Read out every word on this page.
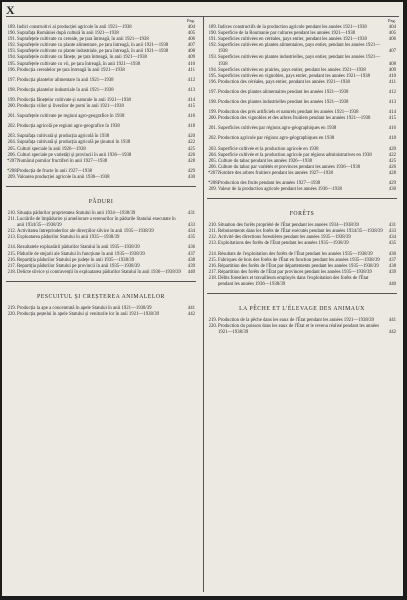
X
Pag.
189. Indici construitivi ai producției agricole în anii 1921—1938	404
190. Suprafața României după cultură în anii 1921—1938	405
191. Suprafețele cultivate cu cereale, pe țara întreagă, în anii 1921—1938	406
192. Suprafețele cultivate cu plante alimentare, pe țara întreagă, în anii 1921—1938	407
193. Suprafețele cultivate cu plante industriale, pe țara întreagă, în anii 1921—1938	408
194. Suprafețele cultivate cu fânețe, pe țara întreagă, în anii 1921—1938	409
195. Suprafețele cultivate cu vii, pe țara întreagă, în anii 1921—1938	410
196. Producția cerealelor pe țara întreagă în anii 1921—1938	411
197. Producția plantelor alimentare în anii 1921—1938	412
198. Producția plantelor industriale în anii 1921—1938	413
199. Producția fânețelor cultivate și naturale în anii 1921—1938	414
200. Producția viilor și livezilor de pomi în anii 1921—1938	415
201. Suprafețele cultivate pe regiuni agro-geografice în 1938	416
202. Producția agricolă pe regiuni agro-geografice în 1938	418
203. Suprafața cultivată și producția agricolă în 1938	420
204. Suprafața cultivată și producția agricolă pe ținuturi în 1938	422
205. Culturi speciale în anii 1926—1938	425
206. Culturi speciale pe varietăți și provincii în anii 1936—1938	426
*207. Numărul pomilor fructiferi în anii 1927—1938	428
*208. Producția de fructe în anii 1927—1938	429
209. Valoarea producției agricole în anii 1936—1938	430
PĂDURI
210. Situația pădurilor proprietatea Statului în anii 1934—1938/39	431
211. Lucrările de împădurire și ameliorare a terenurilor în pădurile Statului executate în anii 1934/35—1938/39	433
212. Activitatea întreprinderilor ale direcțiilor silvice în anii 1935—1938/39	434
213. Exploatarea pădurilor Statului în anii 1935—1938/39	435
214. Rezultatele exploatării pădurilor Statului în anii 1935—1938/39	436
215. Pădurile de stejarii ale Statului în funcțiune în anii 1935—1938/39	437
216. Repartiția pădurilor Statului pe județe în anii 1935—1938/39	438
217. Repartiția pădurilor Statului pe provincii în anii 1935—1938/39	439
218. Delicte silvice și contravenții în exploatarea pădurilor Statului în anii 1936—1938/39	440
PESCUITUL ȘI CREȘTEREA ANIMALELOR
219. Producția la ape a concentrată în apele Statului în anii 1921—1938/39	441
220. Producția peștelui în apele Statului și veniturile lor în anii 1921—1938/39	442
Pag.
189. Indices constructifs de la production agricole pendant les années 1921—1938	404
190. Superficie de la Roumanie par cultures pendant les années 1921—1938	405
191. Superficies cultivées en céréales, pays entier, pendant les années 1921—1938	406
192. Superficies cultivées en plantes alimentaires, pays entier, pendant les années 1921—1938	407
193. Superficies cultivées en plantes industrielles, pays entier, pendant les années 1921—1938	408
194. Superficies cultivées en prairies, pays entier, pendant les années 1921—1938	409
195. Superficies cultivées en vignobles, pays entier, pendant les années 1921—1938	410
196. Production des céréales, pays entier, pendant les années 1921—1938	411
197. Production des plantes alimentaires pendant les années 1921—1938	412
198. Production des plantes industrielles pendant les années 1921—1938	413
199. Production des prés artificiels et naturels pendant les années 1921—1938	414
200. Production des vignobles et des arbres fruitiers pendant les années 1921—1938	415
201. Superficies cultivées par régions agro-géographiques en 1938	416
202. Production agricole par régions agro-géographiques en 1938	418
203. Superficie cultivée et la production agricole en 1938	420
204. Superficie cultivée et la production agricole par régions administratives en 1938	422
205. Culture du tabac pendant les années 1926—1938	425
206. Culture du tabac par variétés et provinces pendant les années 1936—1938	426
*207. Nombre des arbres fruitiers pendant les années 1927—1938	428
*208. Production des fruits pendant les années 1927—1938	429
209. Valeur de la production agricole pendant les années 1936—1938	430
FORÊTS
210. Situation des forêts propriété de l'État pendant les années 1934—1938/39	431
211. Reboisements dans les forêts de l'État exécutés pendant les années 1934/35—1938/39	433
212. Activité des directions forestières pendant les années 1935—1938/39	434
213. Exploitations des forêts de l'État pendant les années 1935—1938/39	435
214. Résultats de l'exploitation des forêts de l'État pendant les années 1935—1938/39	436
215. Fabriques de bois des forêts de l'État en fonction pendant les années 1935—1938/39	437
216. Répartition des forêts de l'État par départements pendant les années 1935—1938/39	438
217. Répartition des forêts de l'État par provinces pendant les années 1935—1938/39	439
218. Délits forestiers et travailleurs employés dans l'exploitation des forêts de l'État pendant les années 1936—1938/39	440
LA PÊCHE ET L'ÉLEVAGE DES ANIMAUX
219. Production de la pêche dans les eaux de l'État pendant les années 1921—1938/39	441
220. Production du poisson dans les eaux de l'État et le revenu réalisé pendant les années 1921—1938/39	442
